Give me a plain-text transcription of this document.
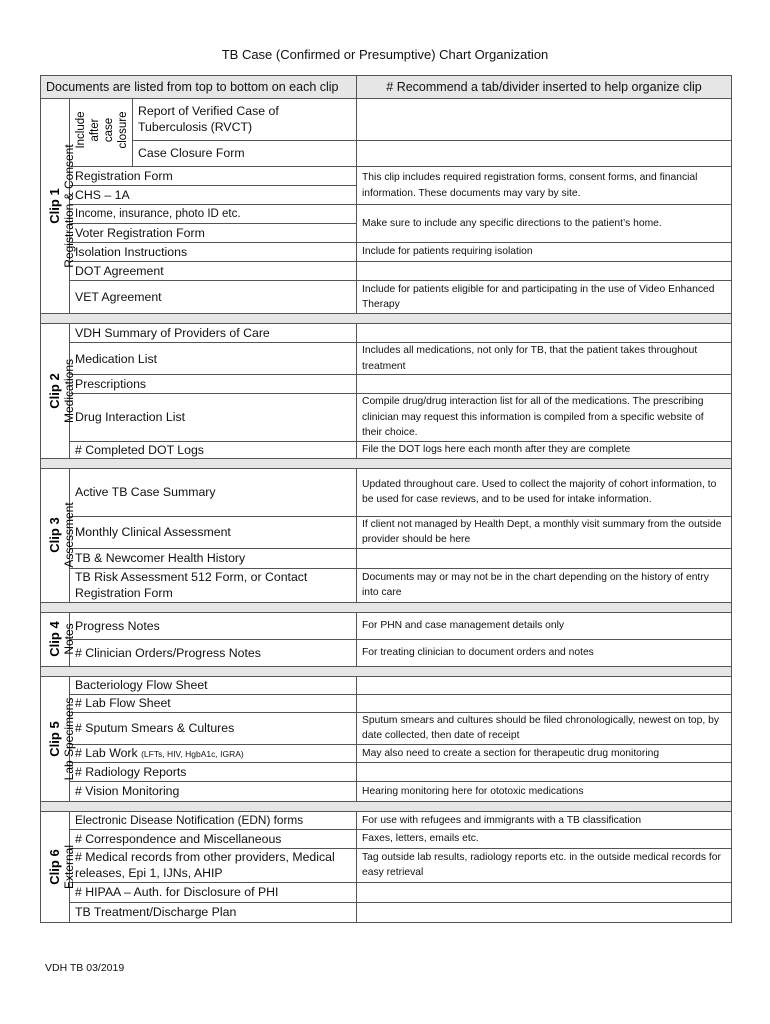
TB Case (Confirmed or Presumptive) Chart Organization
Documents are listed from top to bottom on each clip			# Recommend a tab/divider inserted to help organize clip

Clip 1 Registration & Consent	Include after case closure	Report of Verified Case of Tuberculosis (RVCT)	
		Case Closure Form	
	Registration Form		This clip includes required registration forms, consent forms, and financial information. These documents may vary by site.
	CHS – 1A		
	Income, insurance, photo ID etc.		Make sure to include any specific directions to the patient’s home.
	Voter Registration Form		
	Isolation Instructions		Include for patients requiring isolation
	DOT Agreement		
	VET Agreement		Include for patients eligible for and participating in the use of Video Enhanced Therapy

Clip 2 Medications	VDH Summary of Providers of Care		
	Medication List		Includes all medications, not only for TB, that the patient takes throughout treatment
	Prescriptions		
	Drug Interaction List		Compile drug/drug interaction list for all of the medications. The prescribing clinician may request this information is compiled from a specific website of their choice.
	# Completed DOT Logs		File the DOT logs here each month after they are complete

Clip 3 Assessment	Active TB Case Summary		Updated throughout care. Used to collect the majority of cohort information, to be used for case reviews, and to be used for intake information.
	Monthly Clinical Assessment		If client not managed by Health Dept, a monthly visit summary from the outside provider should be here
	TB & Newcomer Health History		
	TB Risk Assessment 512 Form, or Contact Registration Form		Documents may or may not be in the chart depending on the history of entry into care

Clip 4 Notes	Progress Notes		For PHN and case management details only
	# Clinician Orders/Progress Notes		For treating clinician to document orders and notes

Clip 5 Lab Specimens	Bacteriology Flow Sheet		
	# Lab Flow Sheet		
	# Sputum Smears & Cultures		Sputum smears and cultures should be filed chronologically, newest on top, by date collected, then date of receipt
	# Lab Work (LFTs, HIV, HgbA1c, IGRA)		May also need to create a section for therapeutic drug monitoring
	# Radiology Reports		
	# Vision Monitoring		Hearing monitoring here for ototoxic medications

Clip 6 External	Electronic Disease Notification (EDN) forms		For use with refugees and immigrants with a TB classification
	# Correspondence and Miscellaneous		Faxes, letters, emails etc.
	# Medical records from other providers, Medical releases, Epi 1, IJNs, AHIP		Tag outside lab results, radiology reports etc. in the outside medical records for easy retrieval
	# HIPAA – Auth. for Disclosure of PHI		
	TB Treatment/Discharge Plan		
VDH TB 03/2019
